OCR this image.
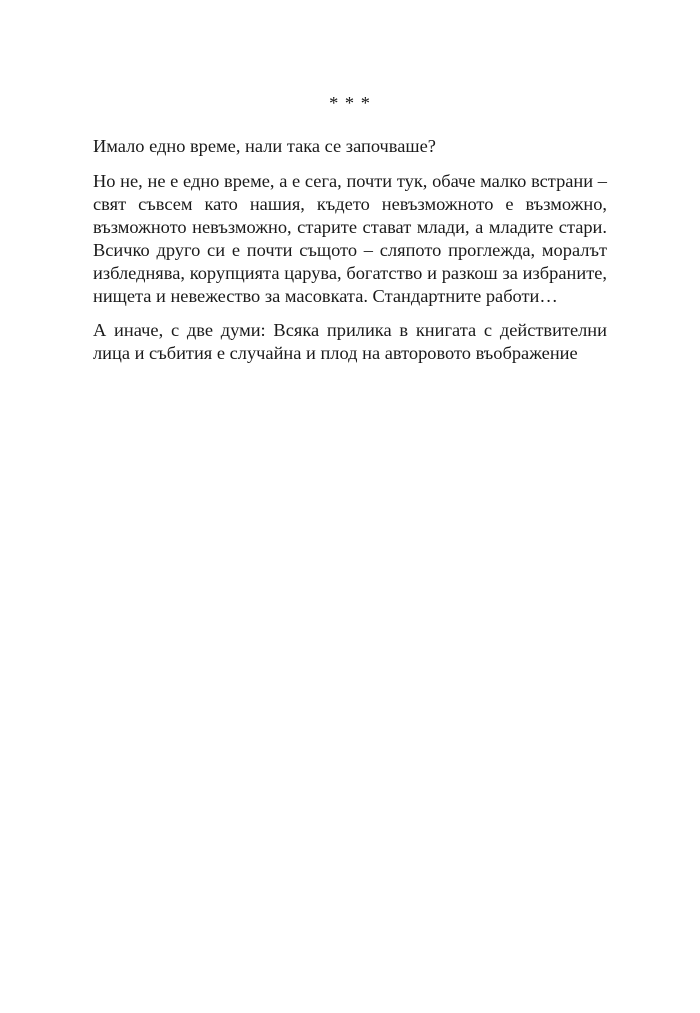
* * *

Имало едно време, нали така се започваше?

Но не, не е едно време, а е сега, почти тук, обаче малко встрани – свят съвсем като нашия, където невъзможното е възможно, възможното невъзможно, старите стават млади, а младите стари. Всичко друго си е почти същото – сляпото проглежда, моралът избледнява, корупцията царува, богатство и разкош за избраните, нищета и невежество за масовката. Стандартните работи…

А иначе, с две думи: Всяка прилика в книгата с действителни лица и събития е случайна и плод на авторовото въображение
